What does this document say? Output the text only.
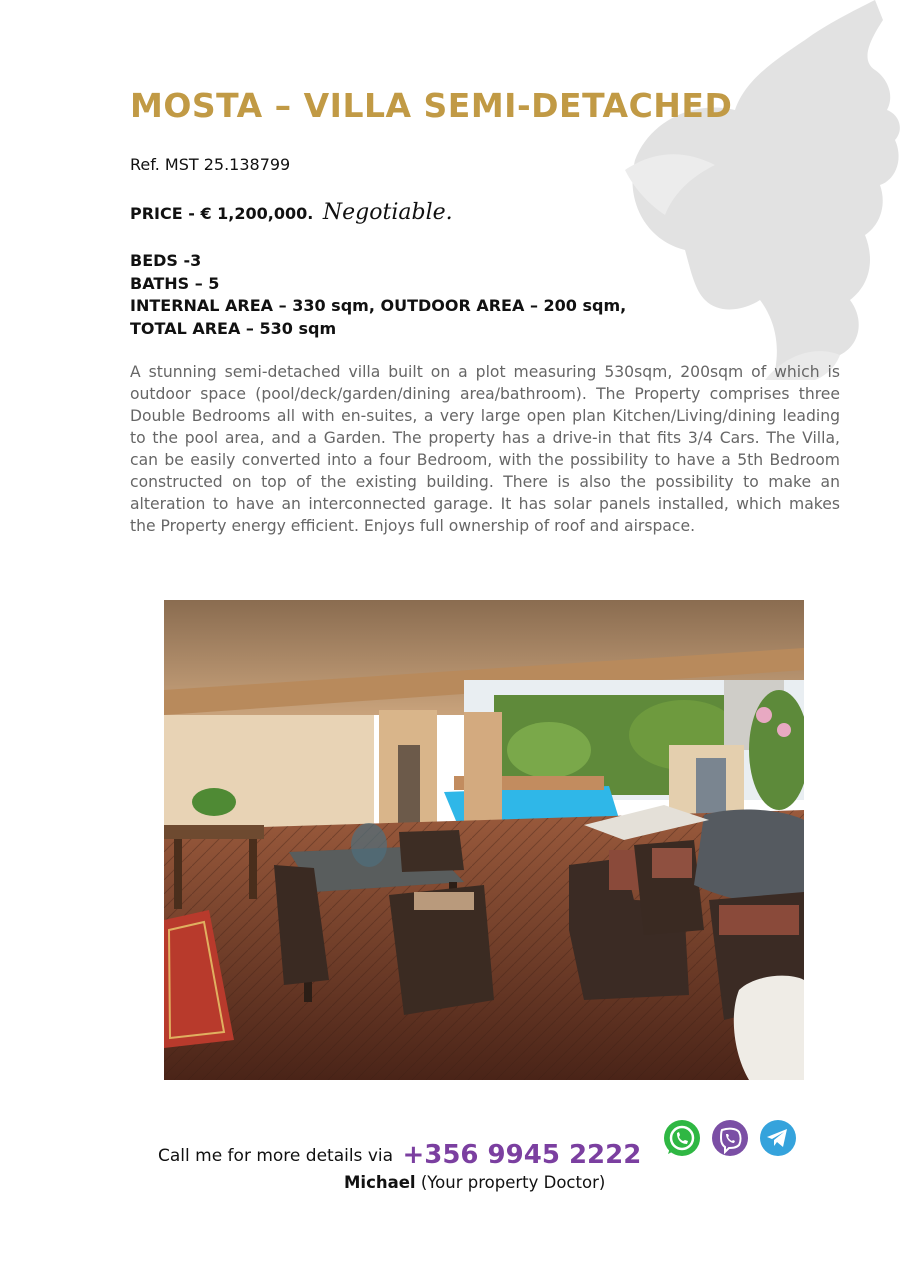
MOSTA – VILLA SEMI-DETACHED
Ref. MST 25.138799
PRICE - € 1,200,000. Negotiable.
BEDS -3
BATHS – 5
INTERNAL AREA – 330 sqm, OUTDOOR AREA – 200 sqm,
TOTAL AREA – 530 sqm

A stunning semi-detached villa built on a plot measuring 530sqm, 200sqm of which is outdoor space (pool/deck/garden/dining area/bathroom). The Property comprises three Double Bedrooms all with en-suites, a very large open plan Kitchen/Living/dining leading to the pool area, and a Garden. The property has a drive-in that fits 3/4 Cars. The Villa, can be easily converted into a four Bedroom, with the possibility to have a 5th Bedroom constructed on top of the existing building. There is also the possibility to make an alteration to have an interconnected garage. It has solar panels installed, which makes the Property energy efficient. Enjoys full ownership of roof and airspace.

Call me for more details via +356 9945 2222
Michael (Your property Doctor)
